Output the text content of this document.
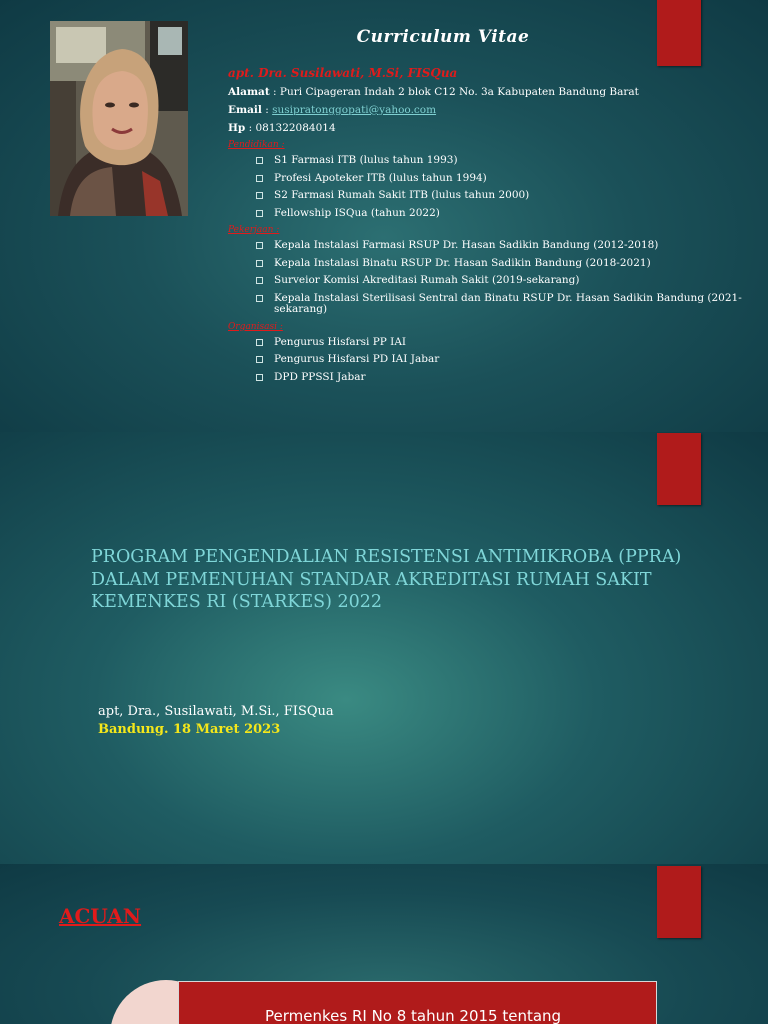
Curriculum Vitae
apt. Dra. Susilawati, M.Si, FISQua
Alamat : Puri Cipageran Indah 2 blok C12 No. 3a Kabupaten Bandung Barat
Email : susipratonggopati@yahoo.com
Hp : 081322084014
Pendidikan :
S1 Farmasi ITB (lulus tahun 1993)
Profesi Apoteker ITB (lulus tahun 1994)
S2 Farmasi Rumah Sakit ITB (lulus tahun 2000)
Fellowship ISQua (tahun 2022)
Pekerjaan :
Kepala Instalasi Farmasi RSUP Dr. Hasan Sadikin Bandung (2012-2018)
Kepala Instalasi Binatu RSUP Dr. Hasan Sadikin Bandung (2018-2021)
Surveior Komisi Akreditasi Rumah Sakit (2019-sekarang)
Kepala Instalasi Sterilisasi Sentral dan Binatu RSUP Dr. Hasan Sadikin Bandung (2021-sekarang)
Organisasi :
Pengurus Hisfarsi PP IAI
Pengurus Hisfarsi PD IAI Jabar
DPD PPSSI Jabar
PROGRAM PENGENDALIAN RESISTENSI ANTIMIKROBA (PPRA) DALAM PEMENUHAN STANDAR AKREDITASI RUMAH SAKIT KEMENKES RI (STARKES) 2022
apt, Dra., Susilawati, M.Si., FISQua
Bandung. 18 Maret 2023
ACUAN
Permenkes RI No 8 tahun 2015 tentang
